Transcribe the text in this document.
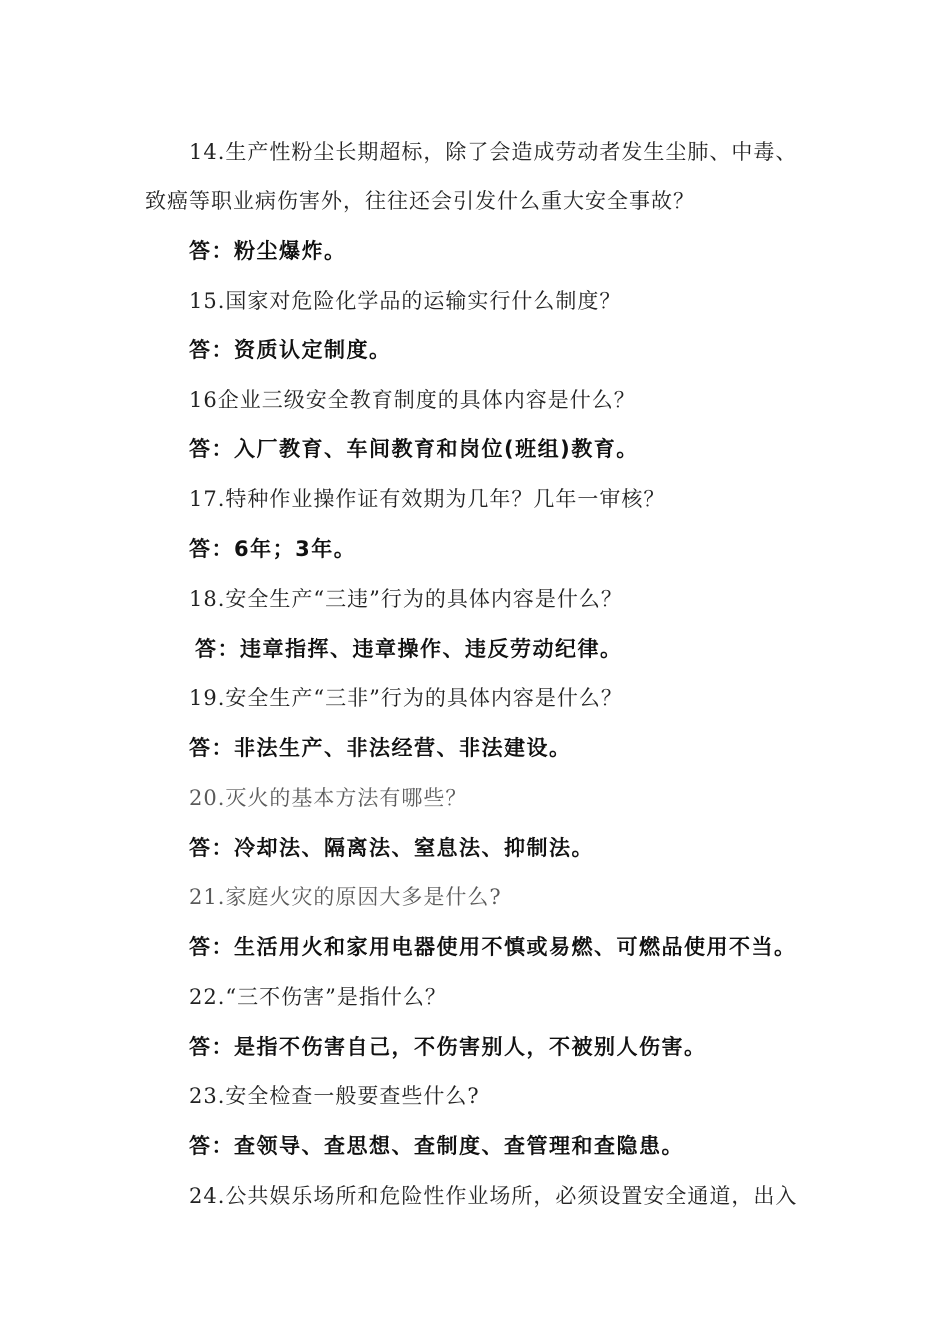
14.生产性粉尘长期超标，除了会造成劳动者发生尘肺、中毒、
致癌等职业病伤害外，往往还会引发什么重大安全事故？
答：粉尘爆炸。
15.国家对危险化学品的运输实行什么制度？
答：资质认定制度。
16企业三级安全教育制度的具体内容是什么？
答：入厂教育、车间教育和岗位(班组)教育。
17.特种作业操作证有效期为几年？几年一审核？
答：6年；3年。
18.安全生产“三违”行为的具体内容是什么？
答：违章指挥、违章操作、违反劳动纪律。
19.安全生产“三非”行为的具体内容是什么？
答：非法生产、非法经营、非法建设。
20.灭火的基本方法有哪些？
答：冷却法、隔离法、窒息法、抑制法。
21.家庭火灾的原因大多是什么?
答：生活用火和家用电器使用不慎或易燃、可燃品使用不当。
22.“三不伤害”是指什么？
答：是指不伤害自己，不伤害别人，不被别人伤害。
23.安全检查一般要查些什么?
答：查领导、查思想、查制度、查管理和查隐患。
24.公共娱乐场所和危险性作业场所，必须设置安全通道，出入
